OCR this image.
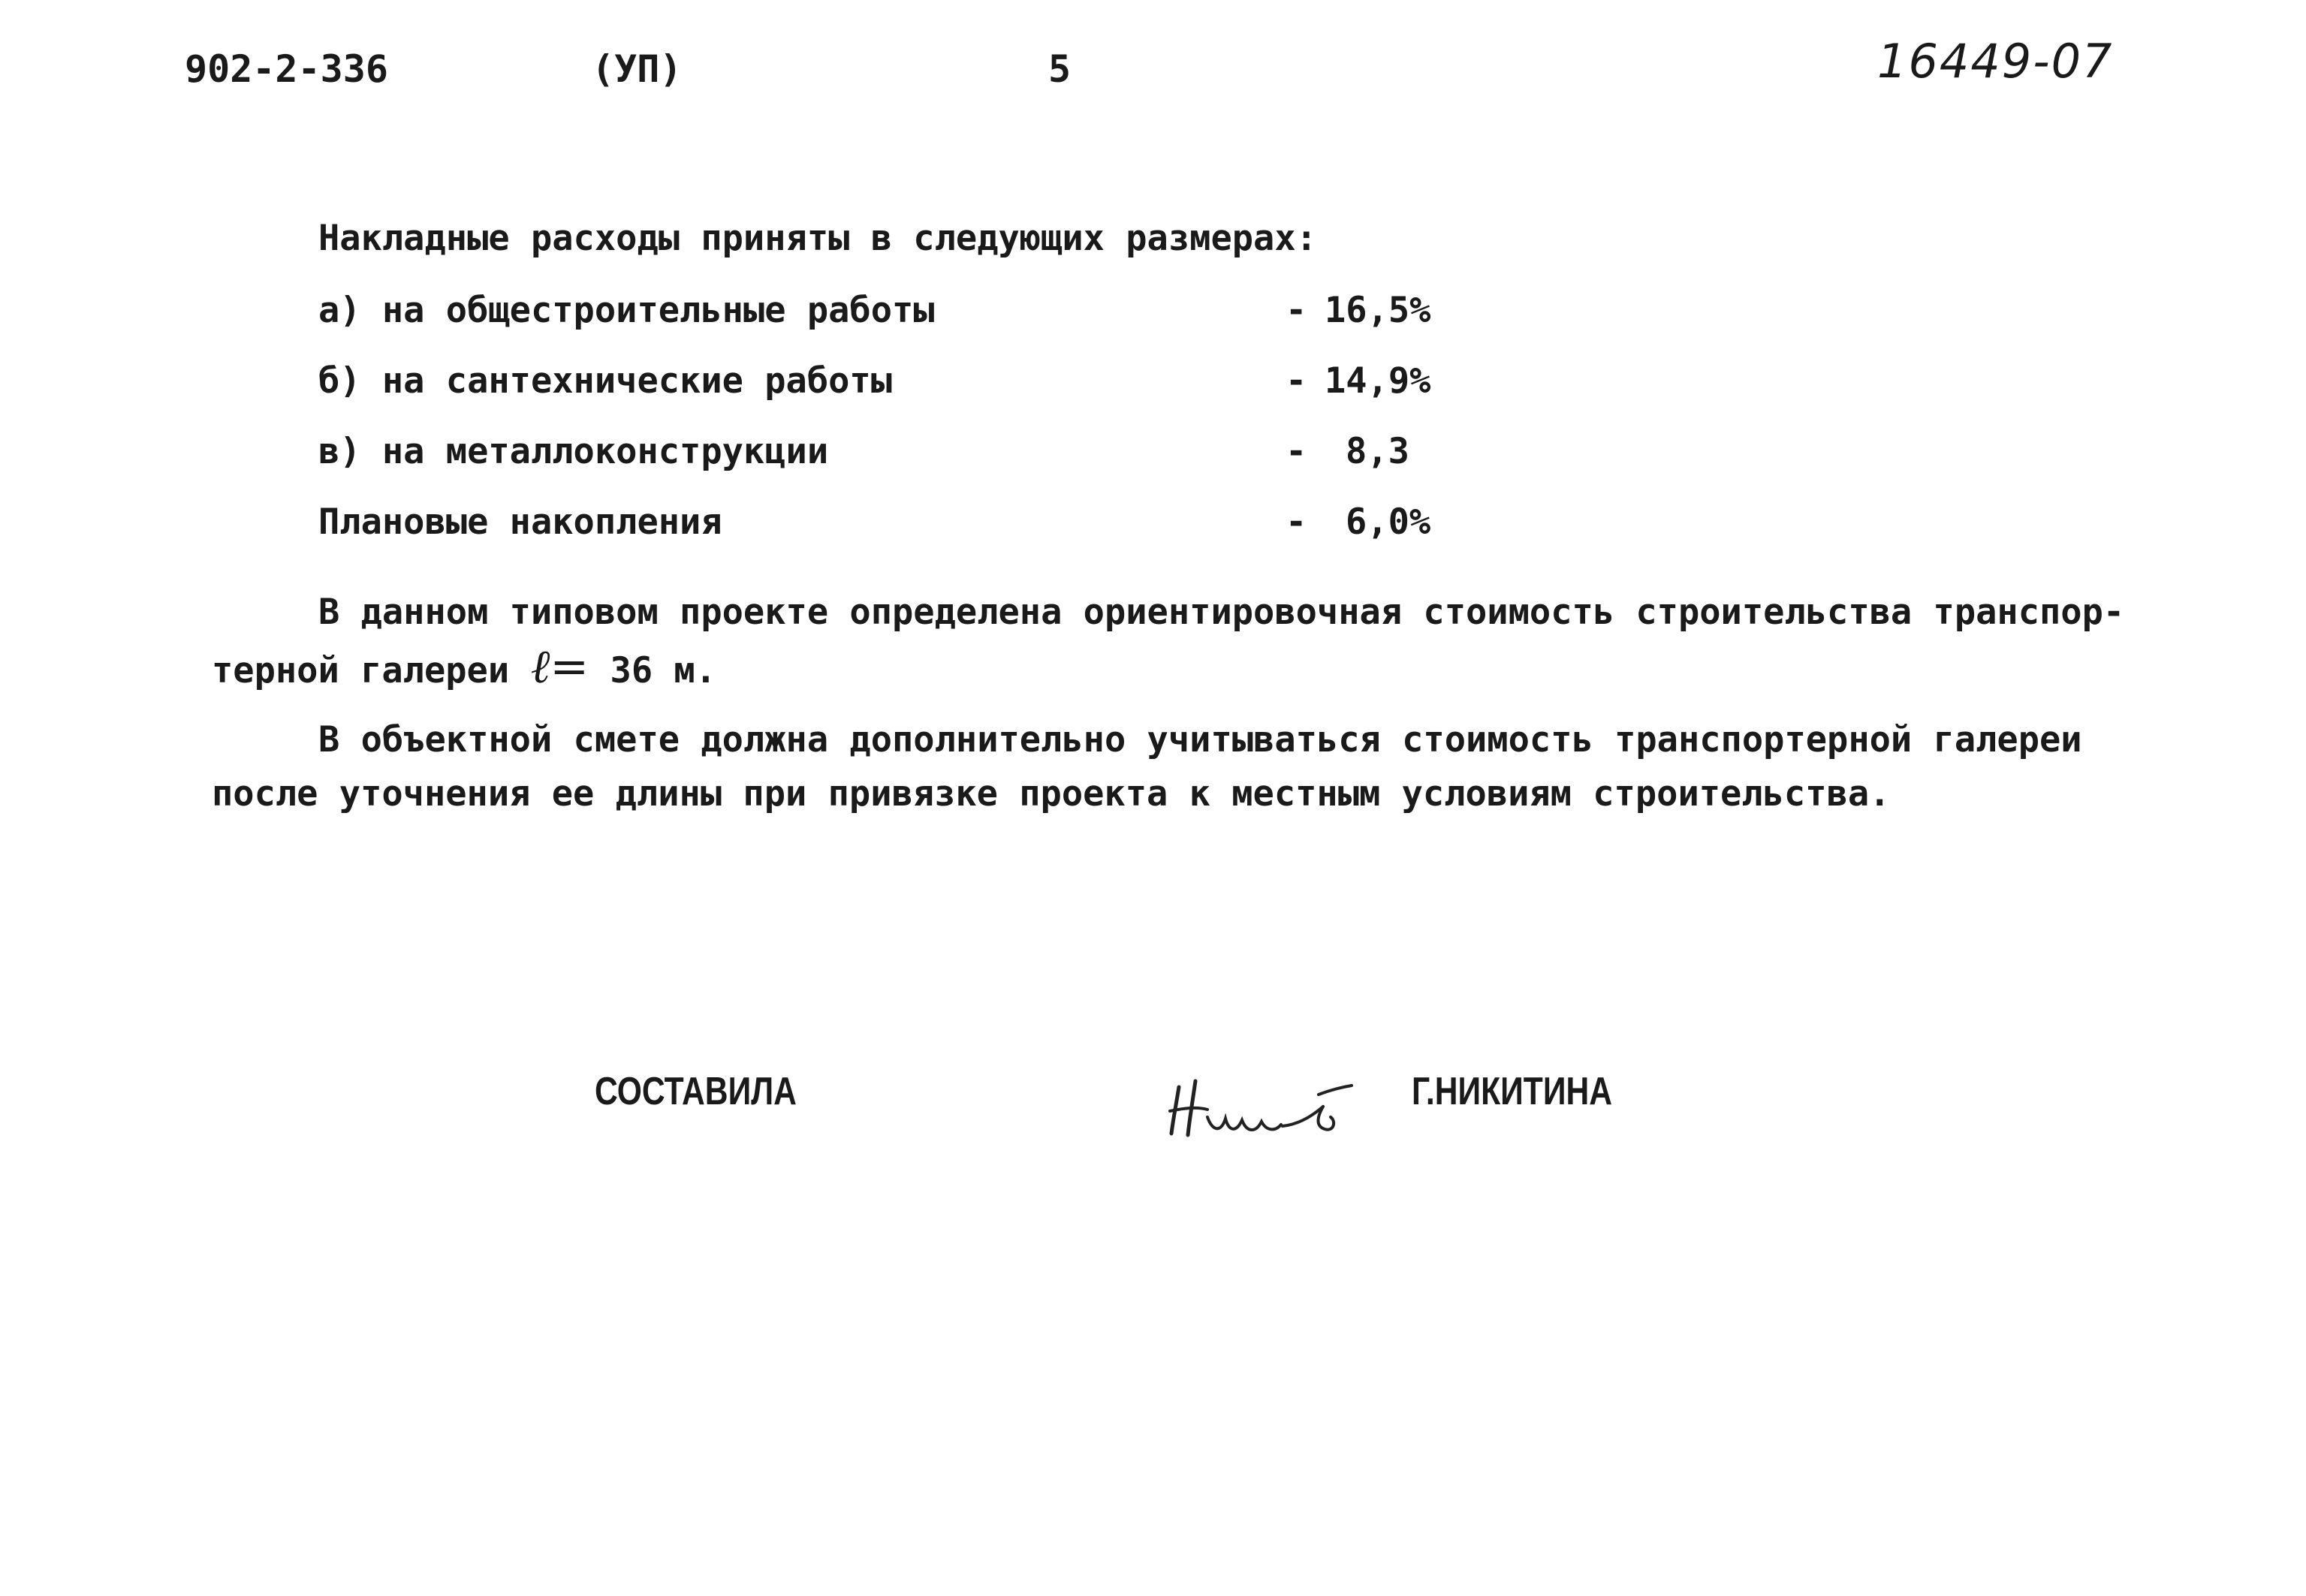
902-2-336	(УП)	5	16449-07
Накладные расходы приняты в следующих размерах:
а) на общестроительные работы	- 16,5%
б) на сантехнические работы	- 14,9%
в) на металлоконструкции	- 8,3
Плановые накопления	- 6,0%
В данном типовом проекте определена ориентировочная стоимость строительства транспор-
терной галереи ℓ= 36 м.
В объектной смете должна дополнительно учитываться стоимость транспортерной галереи
после уточнения ее длины при привязке проекта к местным условиям строительства.
СОСТАВИЛА	Г.НИКИТИНА
